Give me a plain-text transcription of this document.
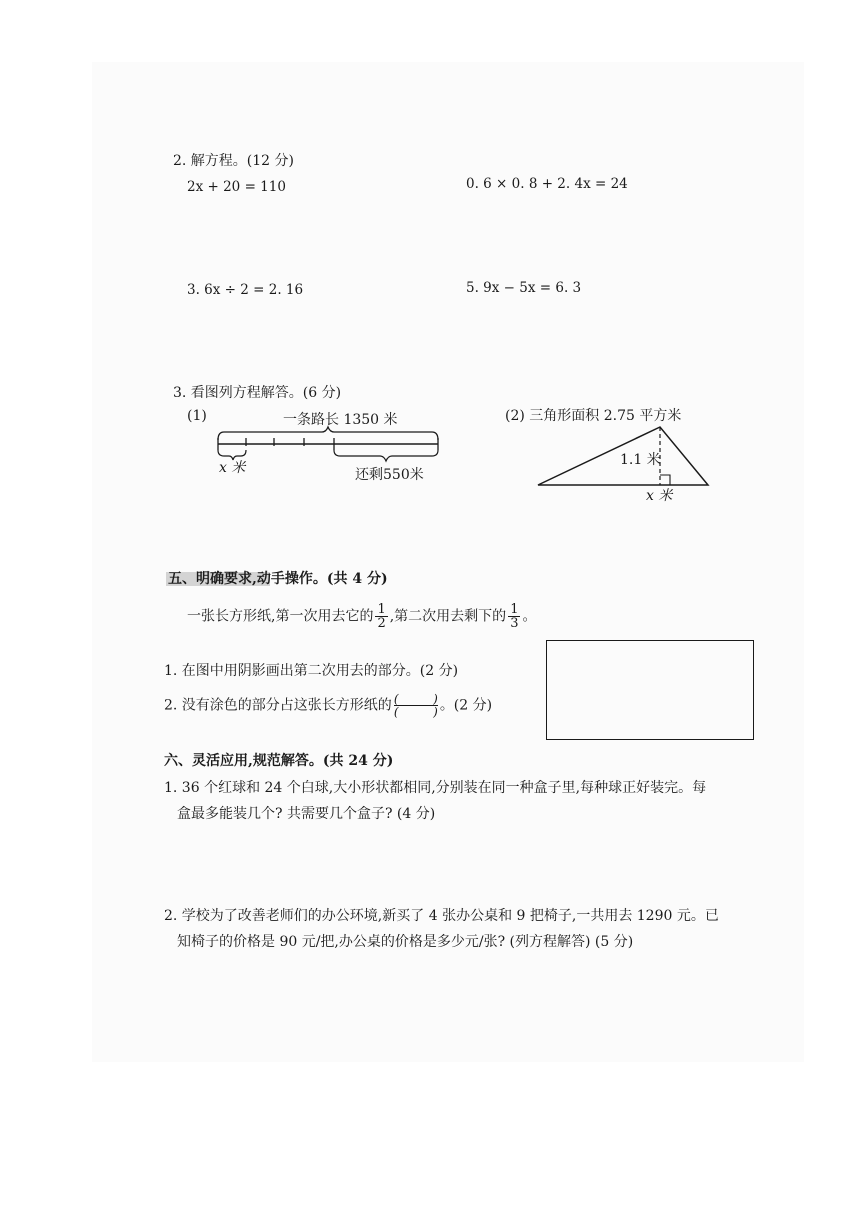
2. 解方程。(12 分)
2x + 20 = 110	0. 6 × 0. 8 + 2. 4x = 24
3. 6x ÷ 2 = 2. 16	5. 9x − 5x = 6. 3
3. 看图列方程解答。(6 分)
(1)	一条路长 1350 米
x 米	还剩550米
(2) 三角形面积 2.75 平方米
1.1 米
x 米
五、明确要求,动手操作。(共 4 分)
一张长方形纸,第一次用去它的 $\frac{1}{2}$ ,第二次用去剩下的 $\frac{1}{3}$ 。
1. 在图中用阴影画出第二次用去的部分。(2 分)
2. 没有涂色的部分占这张长方形纸的 (	)
(	) 。(2 分)
六、灵活应用,规范解答。(共 24 分)
1. 36 个红球和 24 个白球,大小形状都相同,分别装在同一种盒子里,每种球正好装完。每
盒最多能装几个? 共需要几个盒子? (4 分)
2. 学校为了改善老师们的办公环境,新买了 4 张办公桌和 9 把椅子,一共用去 1290 元。已
知椅子的价格是 90 元/把,办公桌的价格是多少元/张? (列方程解答) (5 分)
